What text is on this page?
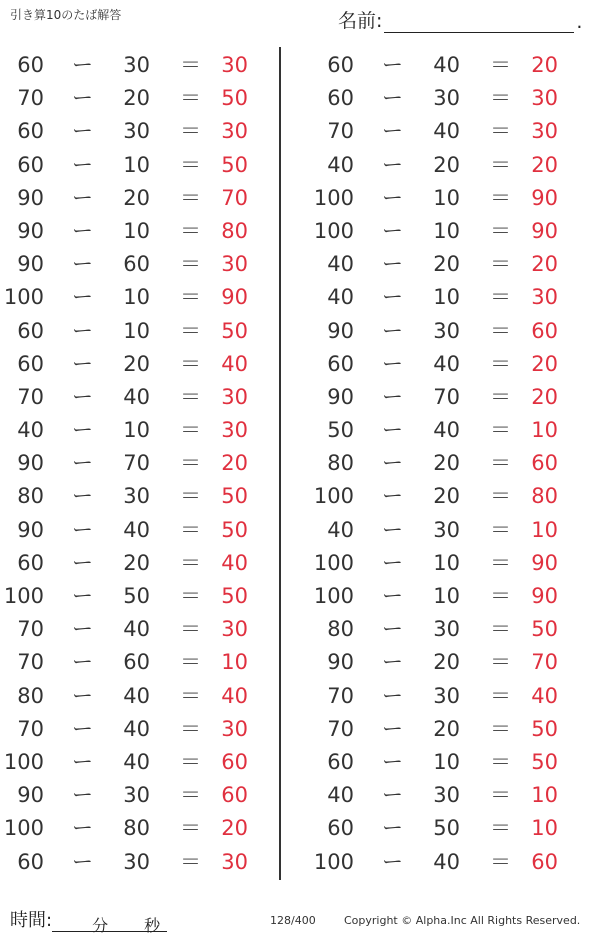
引き算10のたば解答	名前:	.
60 ー	30 ＝ 30
70 ー	20 ＝ 50
60 ー	30 ＝ 30
60 ー	10 ＝ 50
90 ー	20 ＝ 70
90 ー	10 ＝ 80
90 ー	60 ＝ 30
100 ー	10 ＝ 90
60 ー	10 ＝ 50
60 ー	20 ＝ 40
70 ー	40 ＝ 30
40 ー	10 ＝ 30
90 ー	70 ＝ 20
80 ー	30 ＝ 50
90 ー	40 ＝ 50
60 ー	20 ＝ 40
100 ー	50 ＝ 50
70 ー	40 ＝ 30
70 ー	60 ＝ 10
80 ー	40 ＝ 40
70 ー	40 ＝ 30
100 ー	40 ＝ 60
90 ー	30 ＝ 60
100 ー	80 ＝ 20
60 ー	30 ＝ 30
60 ー	40 ＝ 20
60 ー	30 ＝ 30
70 ー	40 ＝ 30
40 ー	20 ＝ 20
100 ー	10 ＝ 90
100 ー	10 ＝ 90
40 ー	20 ＝ 20
40 ー	10 ＝ 30
90 ー	30 ＝ 60
60 ー	40 ＝ 20
90 ー	70 ＝ 20
50 ー	40 ＝ 10
80 ー	20 ＝ 60
100 ー	20 ＝ 80
40 ー	30 ＝ 10
100 ー	10 ＝ 90
100 ー	10 ＝ 90
80 ー	30 ＝ 50
90 ー	20 ＝ 70
70 ー	30 ＝ 40
70 ー	20 ＝ 50
60 ー	10 ＝ 50
40 ー	30 ＝ 10
60 ー	50 ＝ 10
100 ー	40 ＝ 60
時間:	分 秒	128/400	Copyright © Alpha.Inc All Rights Reserved.
